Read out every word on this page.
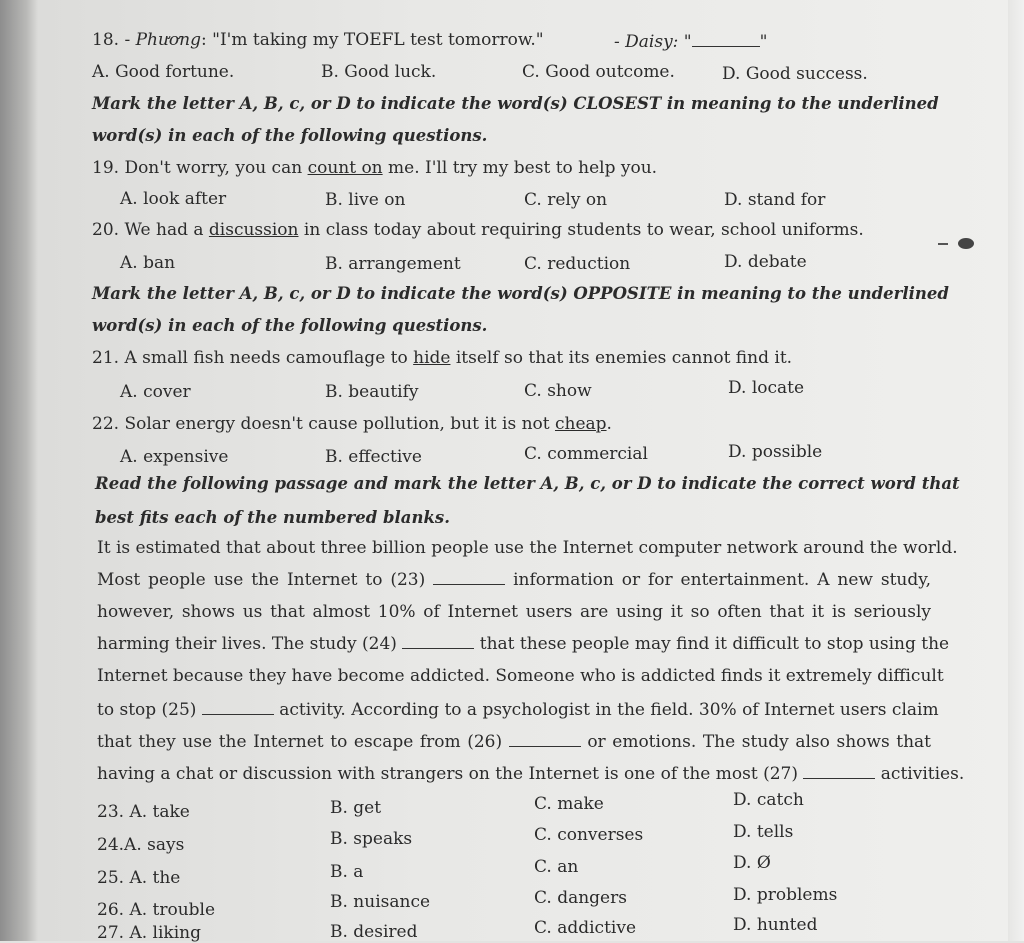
18. - Phương: "I'm taking my TOEFL test tomorrow."	- Daisy: "	"
A. Good fortune.	B. Good luck.	C. Good outcome.	D. Good success.
Mark the letter A, B, c, or D to indicate the word(s) CLOSEST in meaning to the underlined
word(s) in each of the following questions.
19. Don't worry, you can count on me. I'll try my best to help you.
A. look after	B. live on	C. rely on	D. stand for
20. We had a discussion in class today about requiring students to wear, school uniforms.
A. ban	B. arrangement	C. reduction	D. debate
Mark the letter A, B, c, or D to indicate the word(s) OPPOSITE in meaning to the underlined
word(s) in each of the following questions.
21. A small fish needs camouflage to hide itself so that its enemies cannot find it.
A. cover	B. beautify	C. show	D. locate
22. Solar energy doesn't cause pollution, but it is not cheap.
A. expensive	B. effective	C. commercial	D. possible
Read the following passage and mark the letter A, B, c, or D to indicate the correct word that
best fits each of the numbered blanks.
It is estimated that about three billion people use the Internet computer network around the world.
Most people use the Internet to (23)	information or for entertainment. A new study,
however, shows us that almost 10% of Internet users are using it so often that it is seriously
harming their lives. The study (24)	that these people may find it difficult to stop using the
Internet because they have become addicted. Someone who is addicted finds it extremely difficult
to stop (25)	activity. According to a psychologist in the field. 30% of Internet users claim
that they use the Internet to escape from (26)	or emotions. The study also shows that
having a chat or discussion with strangers on the Internet is one of the most (27)	activities.
23. A. take	B. get	C. make	D. catch
24.A. says	B. speaks	C. converses	D. tells
25. A. the	B. a	C. an	D. Ø
26. A. trouble	B. nuisance	C. dangers	D. problems
27. A. liking	B. desired	C. addictive	D. hunted
